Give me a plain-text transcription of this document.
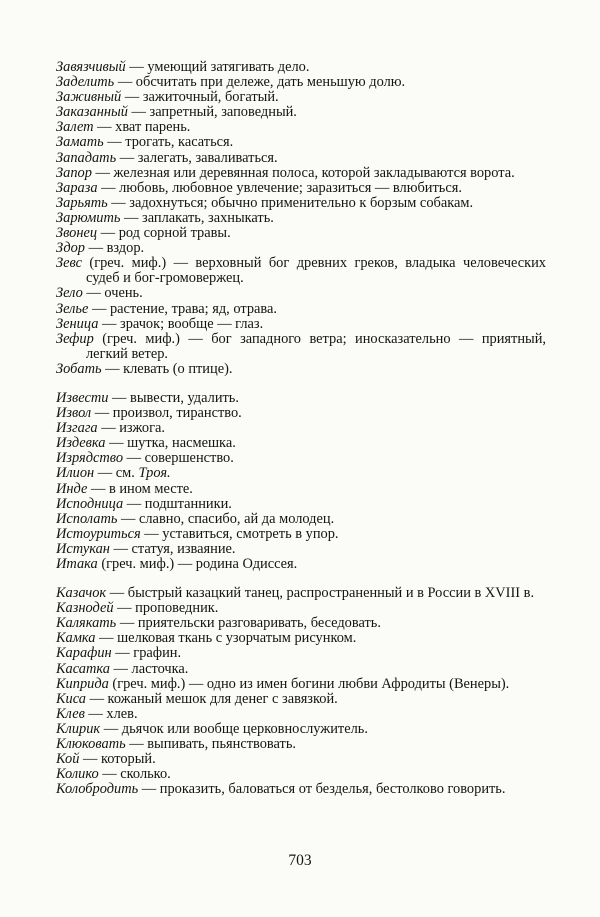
Завязчивый — умеющий затягивать дело.

Заделить — обсчитать при дележе, дать меньшую долю.

Заживный — зажиточный, богатый.

Заказанный — запретный, заповедный.

Залет — хват парень.

Замать — трогать, касаться.

Западать — залегать, заваливаться.

Запор — железная или деревянная полоса, которой закладываются ворота.

Зараза — любовь, любовное увлечение; заразиться — влюбиться.

Зарьять — задохнуться; обычно применительно к борзым собакам.

Зарюмить — заплакать, захныкать.

Звонец — род сорной травы.

Здор — вздор.

Зевс (греч. миф.) — верховный бог древних греков, владыка человеческих судеб и бог-громовержец.

Зело — очень.

Зелье — растение, трава; яд, отрава.

Зеница — зрачок; вообще — глаз.

Зефир (греч. миф.) — бог западного ветра; иносказательно — приятный, легкий ветер.

Зобать — клевать (о птице).

Извести — вывести, удалить.

Извол — произвол, тиранство.

Изгага — изжога.

Издевка — шутка, насмешка.

Изрядство — совершенство.

Илион — см. Троя.

Инде — в ином месте.

Исподница — подштанники.

Исполать — славно, спасибо, ай да молодец.

Истоуриться — уставиться, смотреть в упор.

Истукан — статуя, изваяние.

Итака (греч. миф.) — родина Одиссея.

Казачок — быстрый казацкий танец, распространенный и в России в XVIII в.

Казнодей — проповедник.

Калякать — приятельски разговаривать, беседовать.

Камка — шелковая ткань с узорчатым рисунком.

Карафин — графин.

Касатка — ласточка.

Киприда (греч. миф.) — одно из имен богини любви Афродиты (Венеры).

Киса — кожаный мешок для денег с завязкой.

Клев — хлев.

Клирик — дьячок или вообще церковнослужитель.

Клюковать — выпивать, пьянствовать.

Кой — который.

Колико — сколько.

Колобродить — проказить, баловаться от безделья, бестолково говорить.

703
